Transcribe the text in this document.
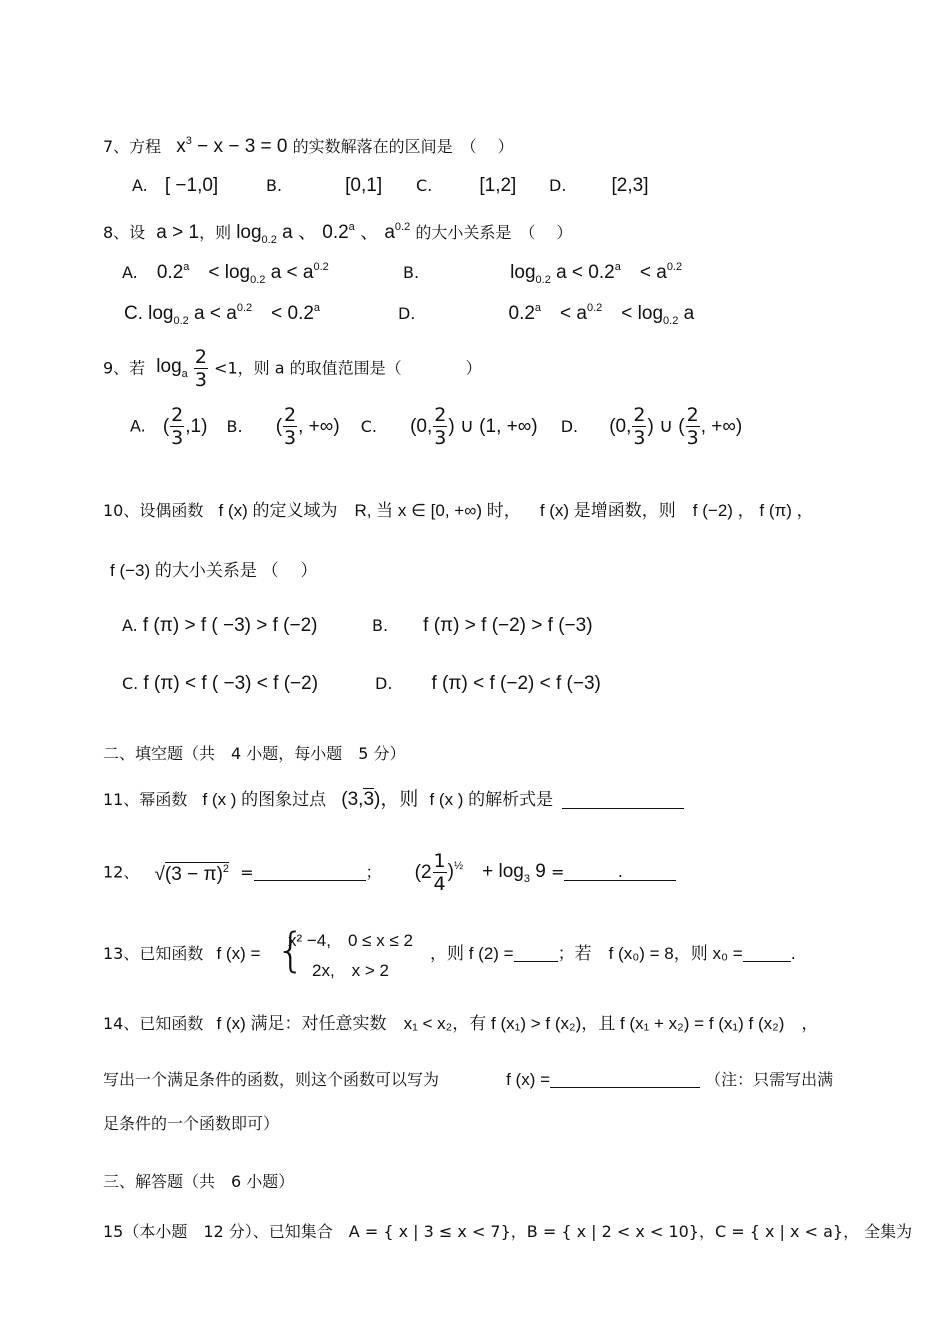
7、方程 $x^3 - x - 3 = 0$ 的实数解落在的区间是　（　 ）
A. [ −1,0]	B.	[0,1] C. [1,2] D. [2,3]
8、设 a > 1，则 $\log_{0.2} a$ 、 0.2$^a$ 、 $a^{0.2}$ 的大小关系是　（　 ）
A. 0.2$^a$　< $\log_{0.2} a < a^{0.2}$	B.	$\log_{0.2} a < 0.2^a$　< $a^{0.2}$
C. $\log_{0.2} a < a^{0.2}$　< 0.2$^a$	D.	0.2$^a$　< $a^{0.2}$　< $\log_{0.2} a$
9、若 $\log_a \frac{2}{3} <1$，则 a 的取值范围是（　　　　）
A. ( $\frac{2}{3} ,1$) B. ( $\frac{2}{3}$ , +∞) C. (0, $\frac{2}{3}$ ) ∪ (1, +∞) D. (0, $\frac{2}{3}$ ) ∪ ( $\frac{2}{3}$ , +∞)
10、设偶函数 f (x) 的定义域为　R, 当 x ∈ [0, +∞) 时， f (x) 是增函数，则　f (−2) ， f (π) ，
f (−3) 的大小关系是 （　 ）
A. f (π) > f ( −3) > f (−2)	B. f (π) > f (−2) > f (−3)
C. f (π) < f ( −3) < f (−2)	D. f (π) < f (−2) < f (−3)
二、填空题（共　4 小题，每小题　5 分）
11、幂函数 f (x ) 的图象过点 (3,3)，则 f (x ) 的解析式是
12、 $√(3 - \pi)^2$ =	； $(2 \frac{1}{4} )^{\frac{1}{2}}$　+ $\log_3 9$ =	.
13、已知函数 f (x) = {
x² −4,　0 ≤ x ≤ 2
2x,　x > 2
，则 f (2) =	；若　f (x₀) = 8，则 x₀ =	.
14、已知函数 f (x) 满足：对任意实数 x₁ < x₂，有 f (x₁) > f (x₂)，且 f (x₁ + x₂) = f (x₁) f (x₂)　，
写出一个满足条件的函数，则这个函数可以写为	f (x) =	（注：只需写出满
足条件的一个函数即可）
三、解答题（共　6 小题）
15（本小题　12 分）、已知集合　A = { x | 3 ≤ x < 7}，B = { x | 2 < x < 10}，C = { x | x < a}， 全集为
